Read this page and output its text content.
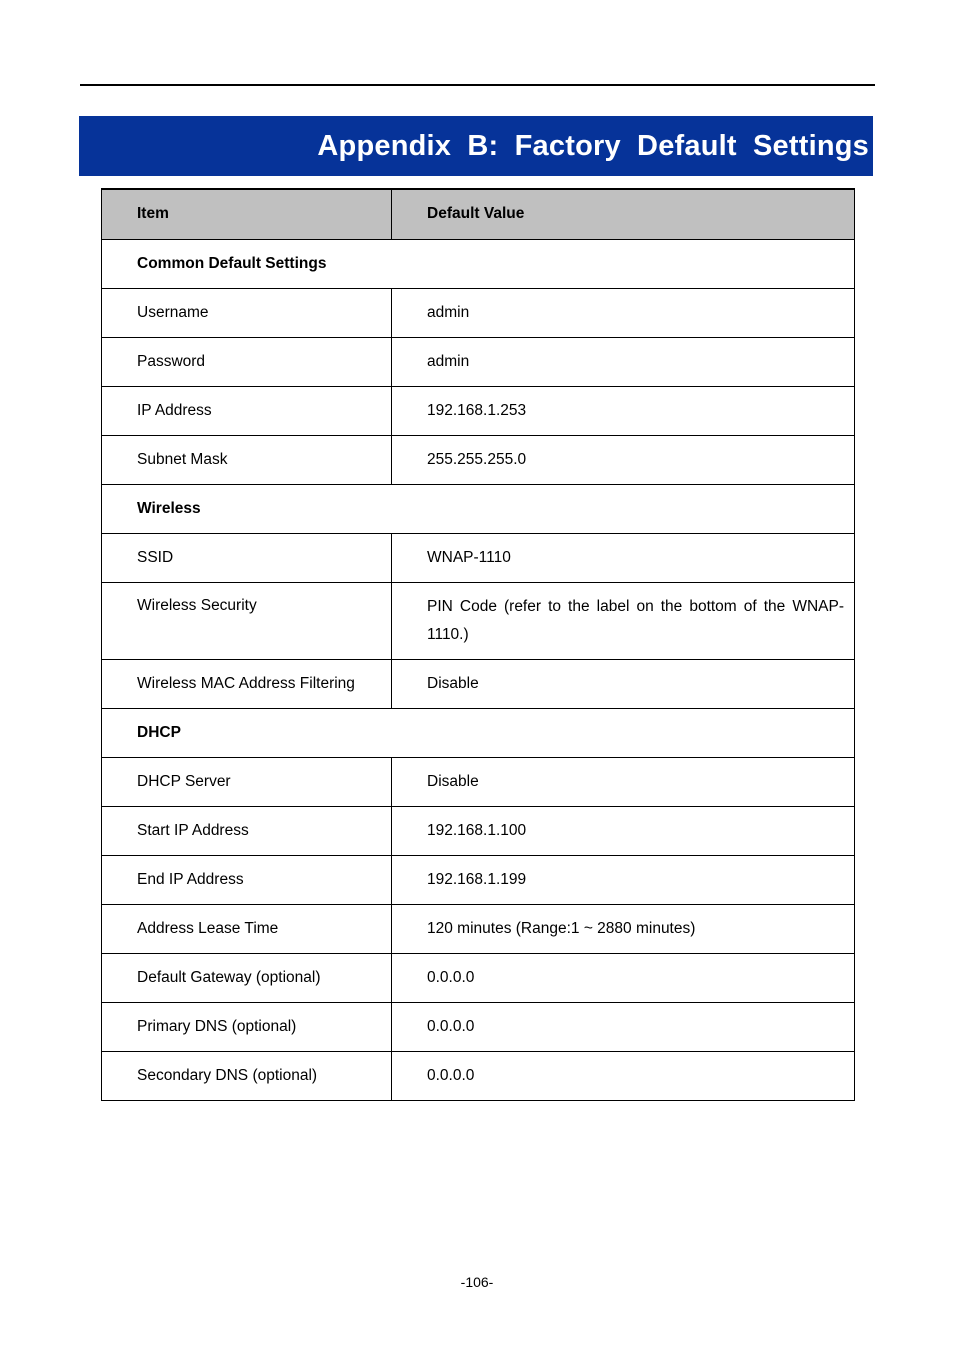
Appendix B: Factory Default Settings
Item	Default Value
Common Default Settings	
Username	admin
Password	admin
IP Address	192.168.1.253
Subnet Mask	255.255.255.0
Wireless	
SSID	WNAP-1110
Wireless Security	PIN Code (refer to the label on the bottom of the WNAP-1110.)
Wireless MAC Address Filtering	Disable
DHCP	
DHCP Server	Disable
Start IP Address	192.168.1.100
End IP Address	192.168.1.199
Address Lease Time	120 minutes (Range:1 ~ 2880 minutes)
Default Gateway (optional)	0.0.0.0
Primary DNS (optional)	0.0.0.0
Secondary DNS (optional)	0.0.0.0
-106-
